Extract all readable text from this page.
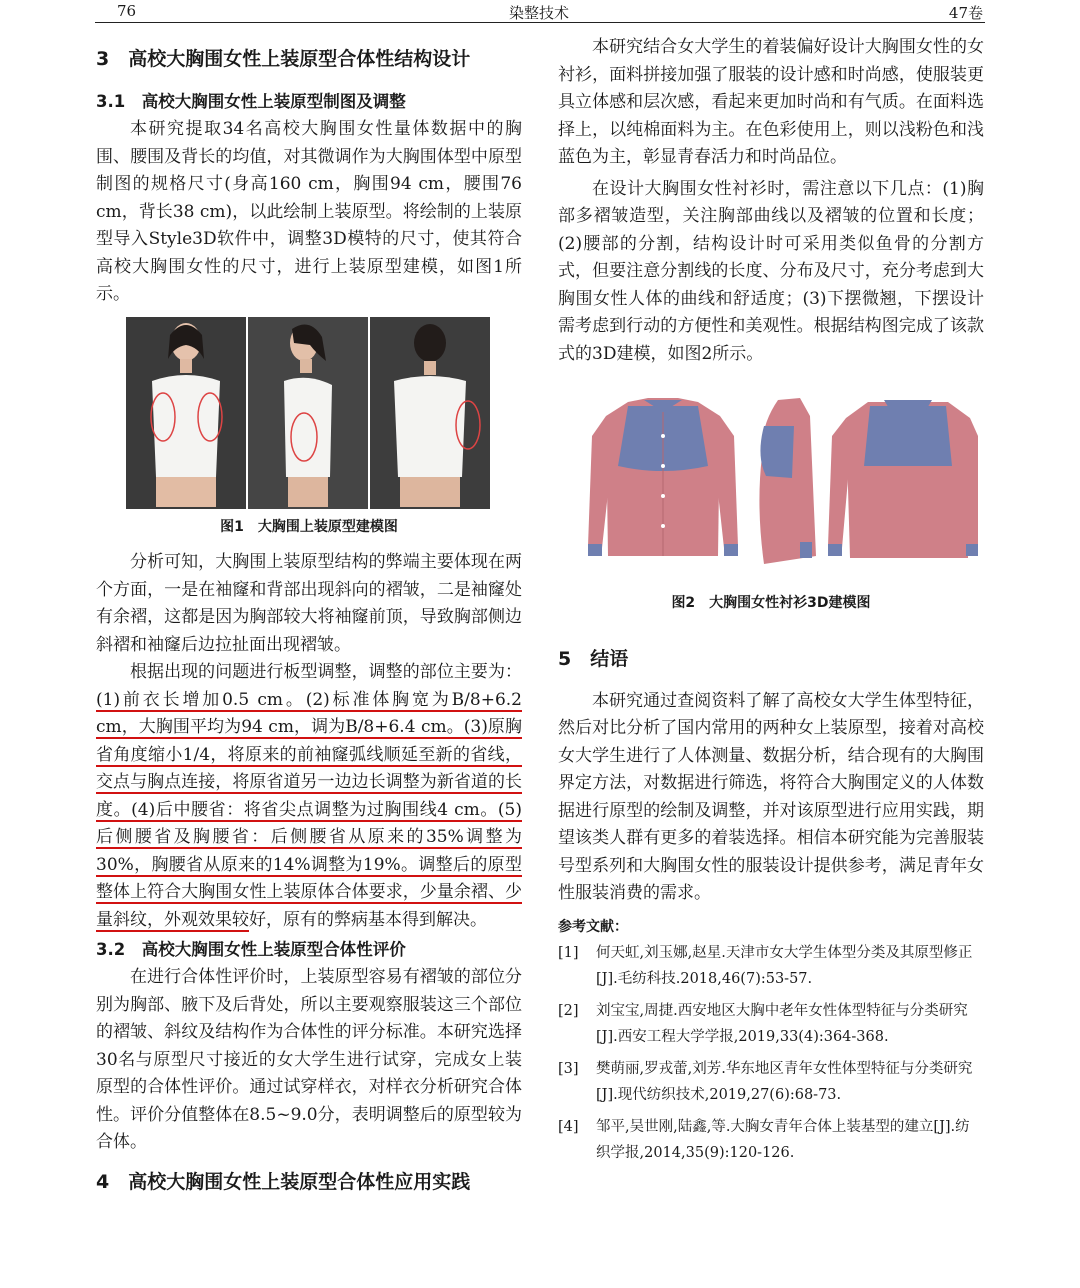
76	染整技术	47卷
3　高校大胸围女性上装原型合体性结构设计
3.1　高校大胸围女性上装原型制图及调整

本研究提取34名高校大胸围女性量体数据中的胸围、腰围及背长的均值，对其微调作为大胸围体型中原型制图的规格尺寸(身高160 cm，胸围94 cm，腰围76 cm，背长38 cm)，以此绘制上装原型。将绘制的上装原型导入Style3D软件中，调整3D模特的尺寸，使其符合高校大胸围女性的尺寸，进行上装原型建模，如图1所示。

图1　大胸围上装原型建模图

分析可知，大胸围上装原型结构的弊端主要体现在两个方面，一是在袖窿和背部出现斜向的褶皱，二是袖窿处有余褶，这都是因为胸部较大将袖窿前顶，导致胸部侧边斜褶和袖窿后边拉扯面出现褶皱。

根据出现的问题进行板型调整，调整的部位主要为：(1)前衣长增加0.5 cm。(2)标准体胸宽为B/8+6.2 cm，大胸围平均为94 cm，调为B/8+6.4 cm。(3)原胸省角度缩小1/4，将原来的前袖窿弧线顺延至新的省线，交点与胸点连接，将原省道另一边边长调整为新省道的长度。(4)后中腰省：将省尖点调整为过胸围线4 cm。(5)后侧腰省及胸腰省：后侧腰省从原来的35%调整为30%，胸腰省从原来的14%调整为19%。调整后的原型整体上符合大胸围女性上装原体合体要求，少量余褶、少量斜纹，外观效果较好，原有的弊病基本得到解决。

3.2　高校大胸围女性上装原型合体性评价

在进行合体性评价时，上装原型容易有褶皱的部位分别为胸部、腋下及后背处，所以主要观察服装这三个部位的褶皱、斜纹及结构作为合体性的评分标准。本研究选择30名与原型尺寸接近的女大学生进行试穿，完成女上装原型的合体性评价。通过试穿样衣，对样衣分析研究合体性。评价分值整体在8.5~9.0分，表明调整后的原型较为合体。

4　高校大胸围女性上装原型合体性应用实践

本研究结合女大学生的着装偏好设计大胸围女性的女衬衫，面料拼接加强了服装的设计感和时尚感，使服装更具立体感和层次感，看起来更加时尚和有气质。在面料选择上，以纯棉面料为主。在色彩使用上，则以浅粉色和浅蓝色为主，彰显青春活力和时尚品位。

在设计大胸围女性衬衫时，需注意以下几点：(1)胸部多褶皱造型，关注胸部曲线以及褶皱的位置和长度；(2)腰部的分割，结构设计时可采用类似鱼骨的分割方式，但要注意分割线的长度、分布及尺寸，充分考虑到大胸围女性人体的曲线和舒适度；(3)下摆微翘，下摆设计需考虑到行动的方便性和美观性。根据结构图完成了该款式的3D建模，如图2所示。

图2　大胸围女性衬衫3D建模图
5　结语

本研究通过查阅资料了解了高校女大学生体型特征，然后对比分析了国内常用的两种女上装原型，接着对高校女大学生进行了人体测量、数据分析，结合现有的大胸围界定方法，对数据进行筛选，将符合大胸围定义的人体数据进行原型的绘制及调整，并对该原型进行应用实践，期望该类人群有更多的着装选择。相信本研究能为完善服装号型系列和大胸围女性的服装设计提供参考，满足青年女性服装消费的需求。

参考文献：
[1] 何天虹,刘玉娜,赵星.天津市女大学生体型分类及其原型修正[J].毛纺科技.2018,46(7):53-57.
[2] 刘宝宝,周捷.西安地区大胸中老年女性体型特征与分类研究[J].西安工程大学学报,2019,33(4):364-368.
[3] 樊萌丽,罗戎蕾,刘芳.华东地区青年女性体型特征与分类研究[J].现代纺织技术,2019,27(6):68-73.
[4] 邹平,吴世刚,陆鑫,等.大胸女青年合体上装基型的建立[J].纺织学报,2014,35(9):120-126.
